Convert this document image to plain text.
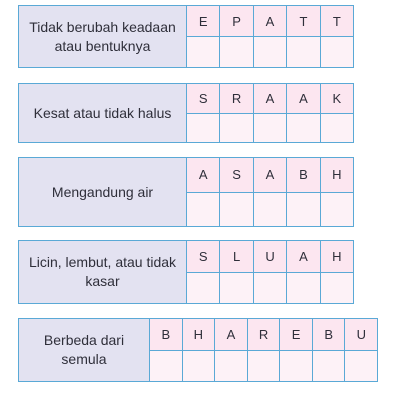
Tidak berubah keadaan atau bentuknya
E	P	A	T	T
Kesat atau tidak halus
S	R	A	A	K
Mengandung air
A	S	A	B	H
Licin, lembut, atau tidak kasar
S	L	U	A	H
Berbeda dari semula
B	H	A	R	E	B	U
